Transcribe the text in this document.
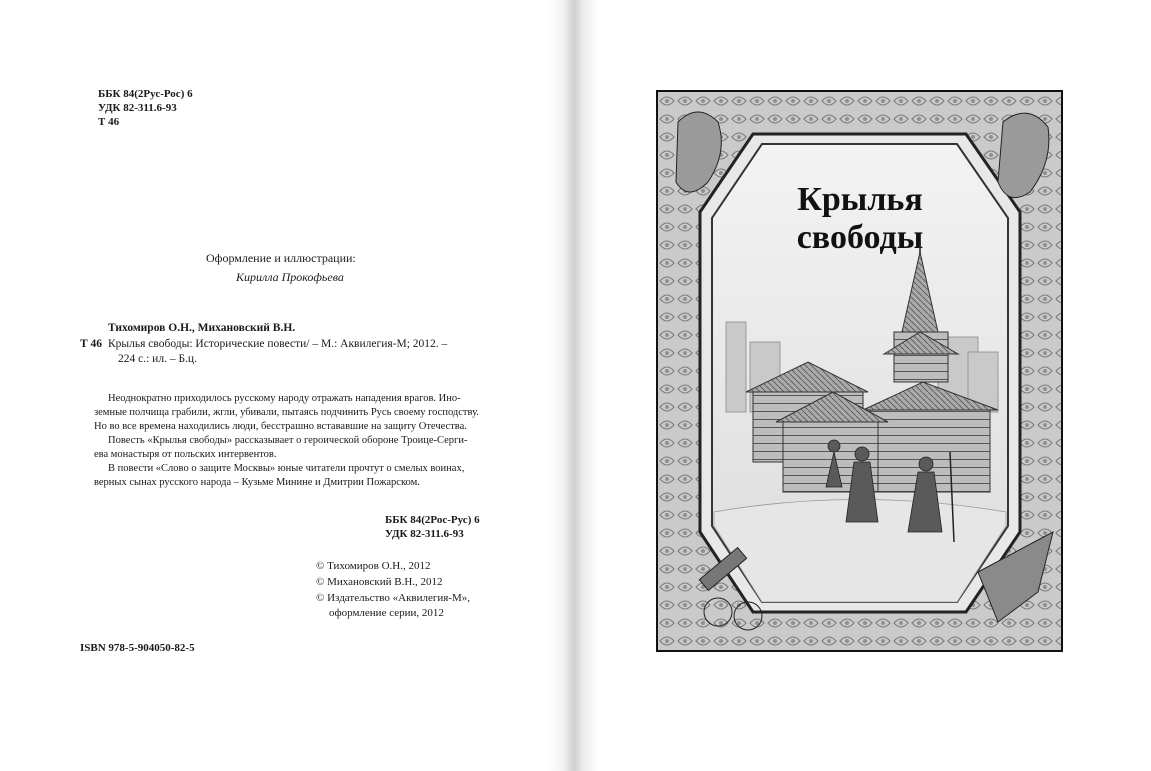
ББК 84(2Рус-Рос) 6
УДК 82-311.6-93
Т 46
Оформление и иллюстрации:
Кирилла Прокофьева
Тихомиров О.Н., Михановский В.Н.
Т 46 Крылья свободы: Исторические повести/ – М.: Аквилегия-М; 2012. –
224 с.: ил. – Б.ц.
Неоднократно приходилось русскому народу отражать нападения врагов. Ино-
земные полчища грабили, жгли, убивали, пытаясь подчинить Русь своему господству.
Но во все времена находились люди, бесстрашно встававшие на защиту Отечества.
Повесть «Крылья свободы» рассказывает о героической обороне Троице-Серги-
ева монастыря от польских интервентов.
В повести «Слово о защите Москвы» юные читатели прочтут о смелых воинах,
верных сынах русского народа – Кузьме Минине и Дмитрии Пожарском.
ББК 84(2Рос-Рус) 6
УДК 82-311.6-93
© Тихомиров О.Н., 2012
© Михановский В.Н., 2012
© Издательство «Аквилегия-М»,
оформление серии, 2012
ISBN 978-5-904050-82-5
Крылья
свободы
